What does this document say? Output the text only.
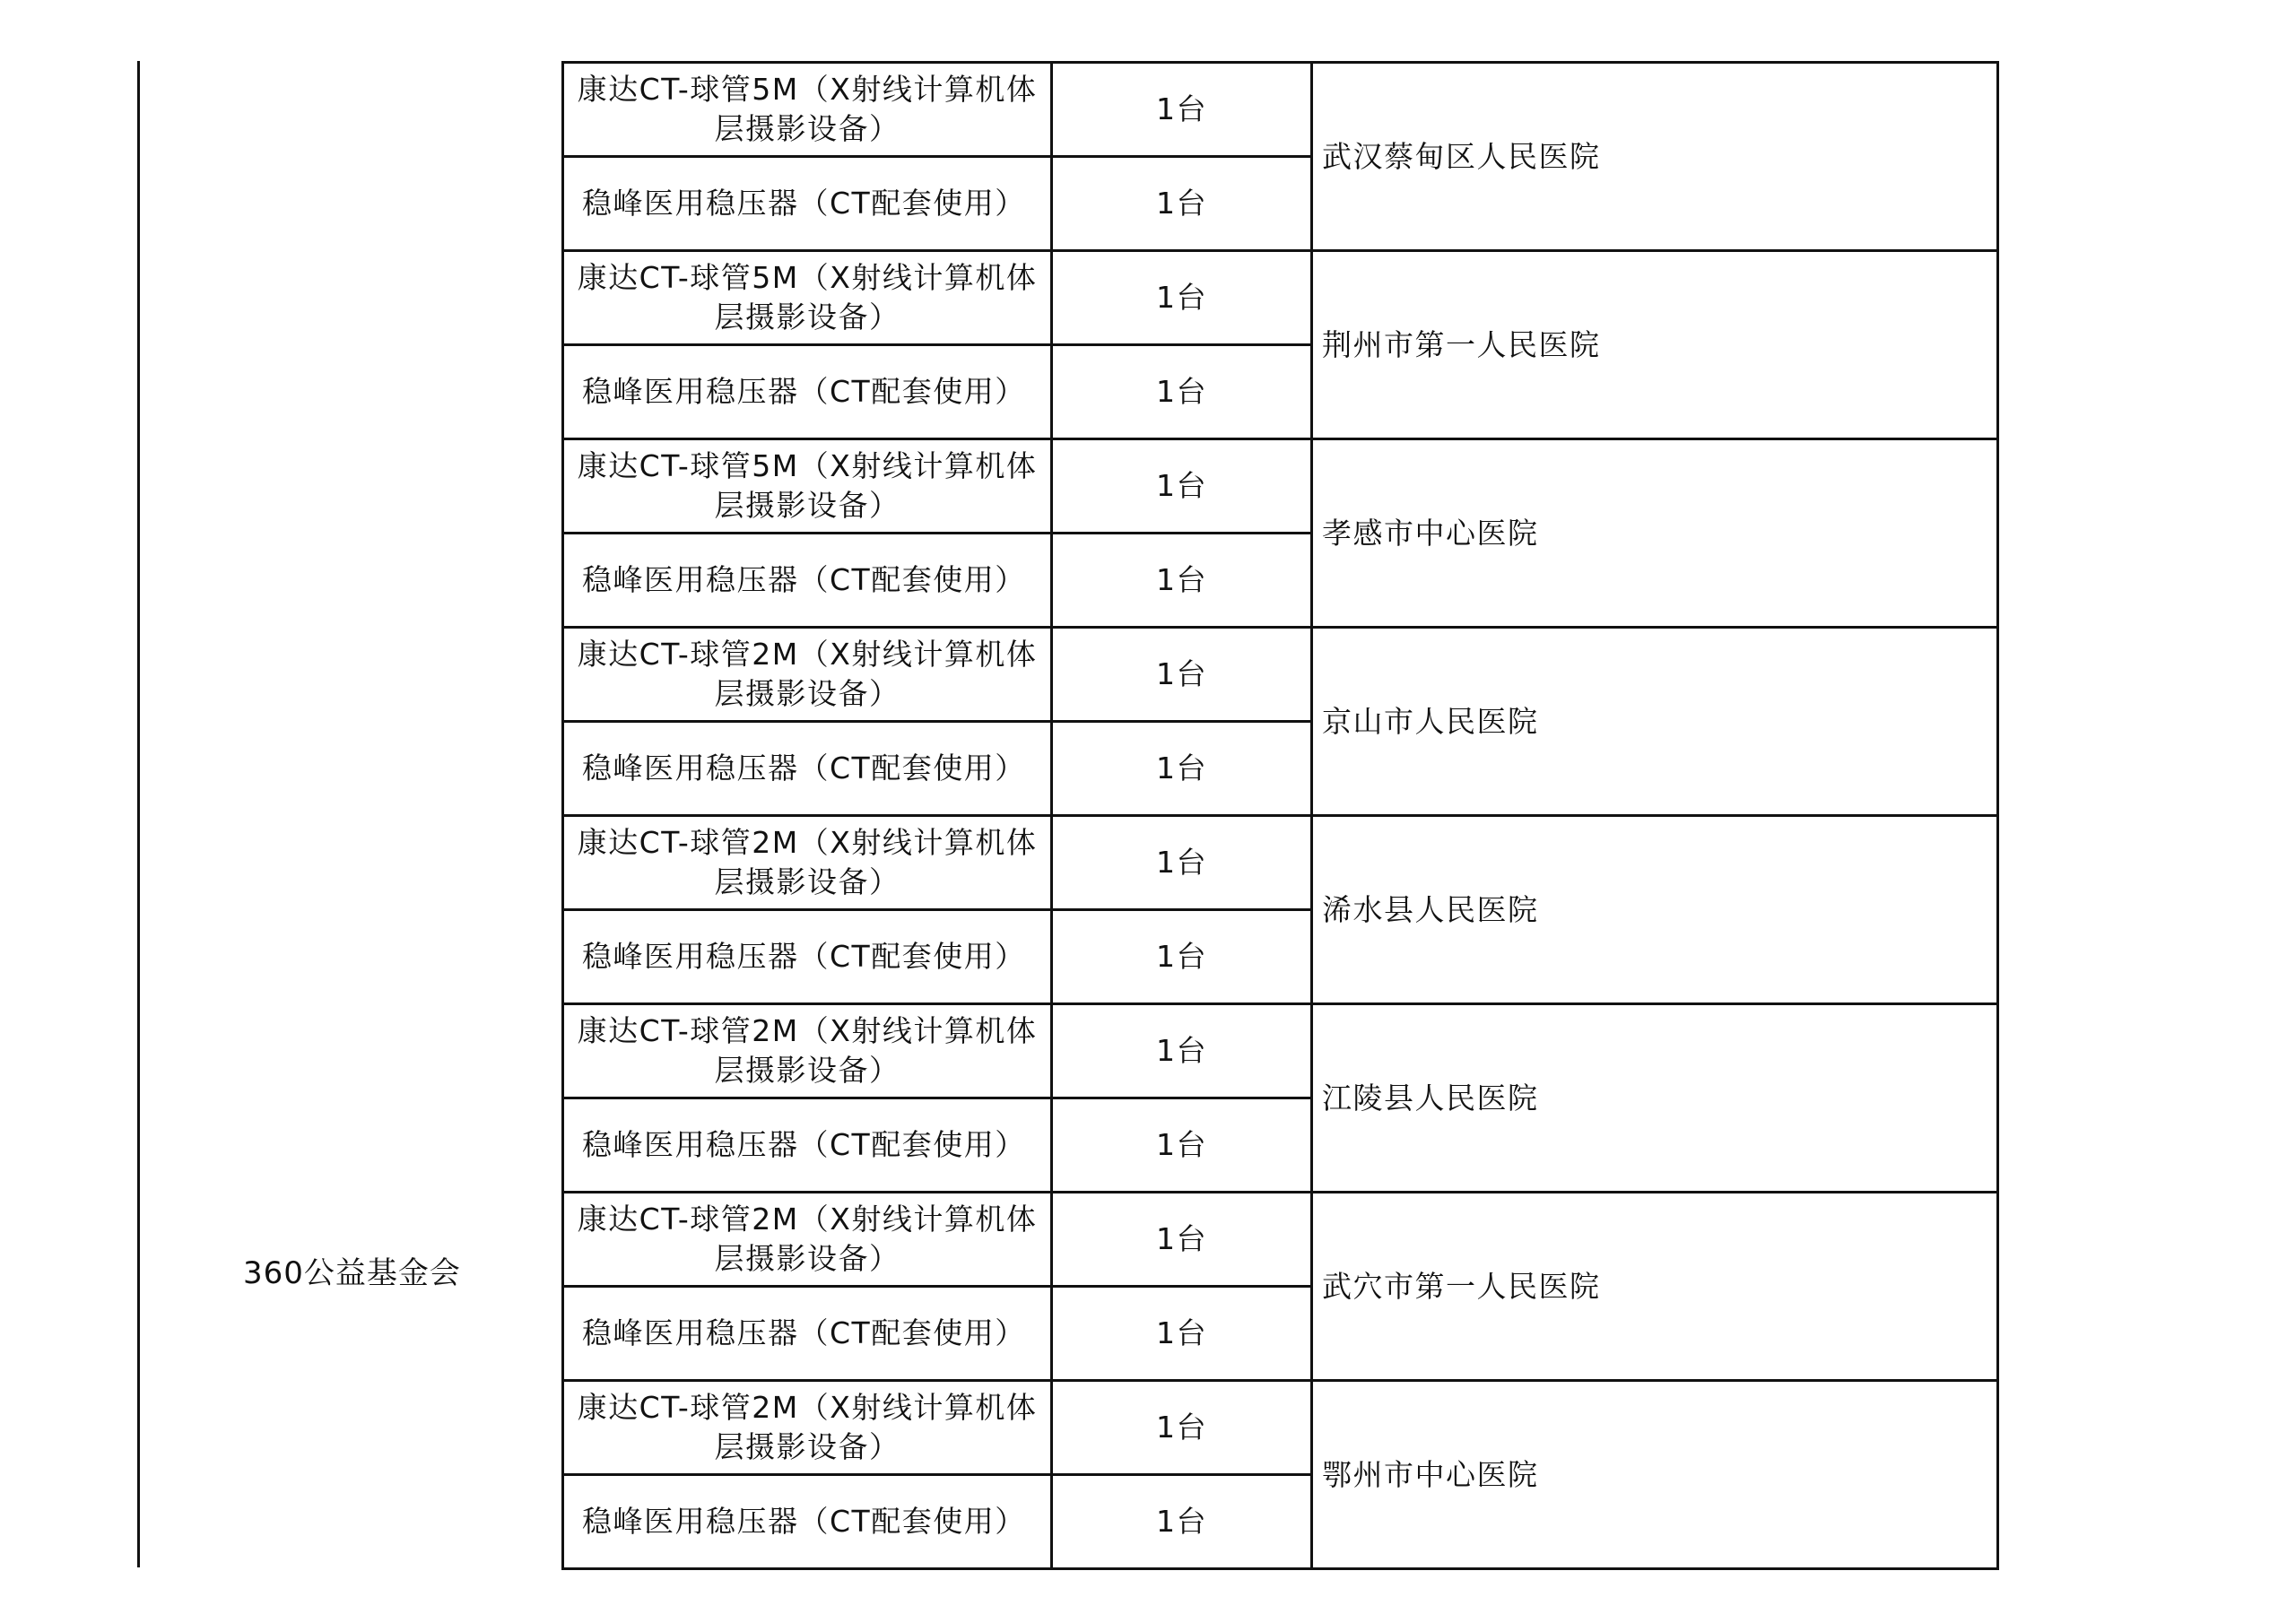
360公益基金会
康达CT-球管5M（X射线计算机体层摄影设备）	1台	武汉蔡甸区人民医院
稳峰医用稳压器（CT配套使用）	1台	
康达CT-球管5M（X射线计算机体层摄影设备）	1台	荆州市第一人民医院
稳峰医用稳压器（CT配套使用）	1台	
康达CT-球管5M（X射线计算机体层摄影设备）	1台	孝感市中心医院
稳峰医用稳压器（CT配套使用）	1台	
康达CT-球管2M（X射线计算机体层摄影设备）	1台	京山市人民医院
稳峰医用稳压器（CT配套使用）	1台	
康达CT-球管2M（X射线计算机体层摄影设备）	1台	浠水县人民医院
稳峰医用稳压器（CT配套使用）	1台	
康达CT-球管2M（X射线计算机体层摄影设备）	1台	江陵县人民医院
稳峰医用稳压器（CT配套使用）	1台	
康达CT-球管2M（X射线计算机体层摄影设备）	1台	武穴市第一人民医院
稳峰医用稳压器（CT配套使用）	1台	
康达CT-球管2M（X射线计算机体层摄影设备）	1台	鄂州市中心医院
稳峰医用稳压器（CT配套使用）	1台	
